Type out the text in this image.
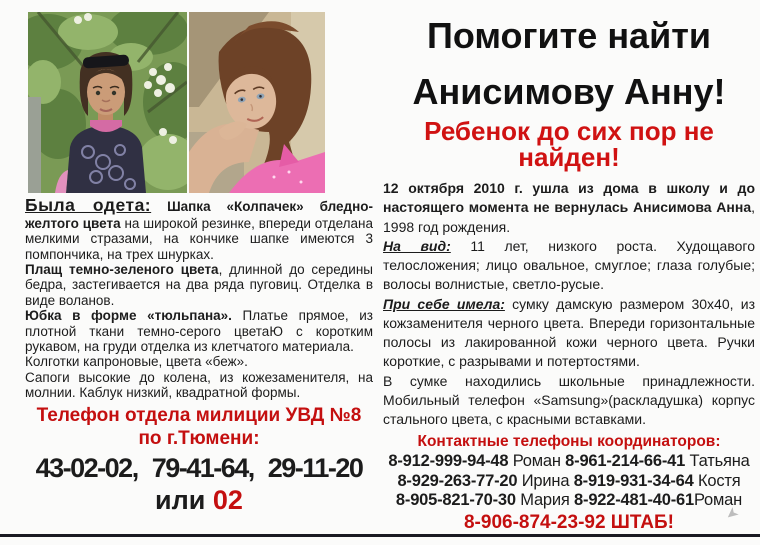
Была одета: Шапка «Колпачек» бледно-желтого цвета на широкой резинке, впереди отделана мелкими стразами, на кончике шапке имеются 3 помпончика, на трех шнурках.

Плащ темно-зеленого цвета, длинной до середины бедра, застегивается на два ряда пуговиц. Отделка в виде воланов.

Юбка в форме «тюльпана». Платье прямое, из плотной ткани темно-серого цветаЮ с коротким рукавом, на груди отделка из клетчатого материала.

Колготки капроновые, цвета «беж».

Сапоги высокие до колена, из кожезаменителя, на молнии. Каблук низкий, квадратной формы.

Телефон отдела милиции УВД №8 по г.Тюмени:
43-02-02, 79-41-64, 29-11-20
или 02
Помогите найти
Анисимову Анну!
Ребенок до сих пор не найден!

12 октября 2010 г. ушла из дома в школу и до настоящего момента не вернулась Анисимова Анна, 1998 год рождения.

На вид: 11 лет, низкого роста. Худощавого телосложения; лицо овальное, смуглое; глаза голубые; волосы волнистые, светло-русые.

При себе имела: сумку дамскую размером 30х40, из кожзаменителя черного цвета. Впереди горизонтальные полосы из лакированной кожи черного цвета. Ручки короткие, с разрывами и потертостями.

В сумке находились школьные принадлежности. Мобильный телефон «Samsung»(раскладушка) корпус стального цвета, с красными вставками.

Контактные телефоны координаторов:
8-912-999-94-48 Роман 8-961-214-66-41 Татьяна
8-929-263-77-20 Ирина 8-919-931-34-64 Костя
8-905-821-70-30 Мария 8-922-481-40-61Роман
8-906-874-23-92 ШТАБ!	➤
